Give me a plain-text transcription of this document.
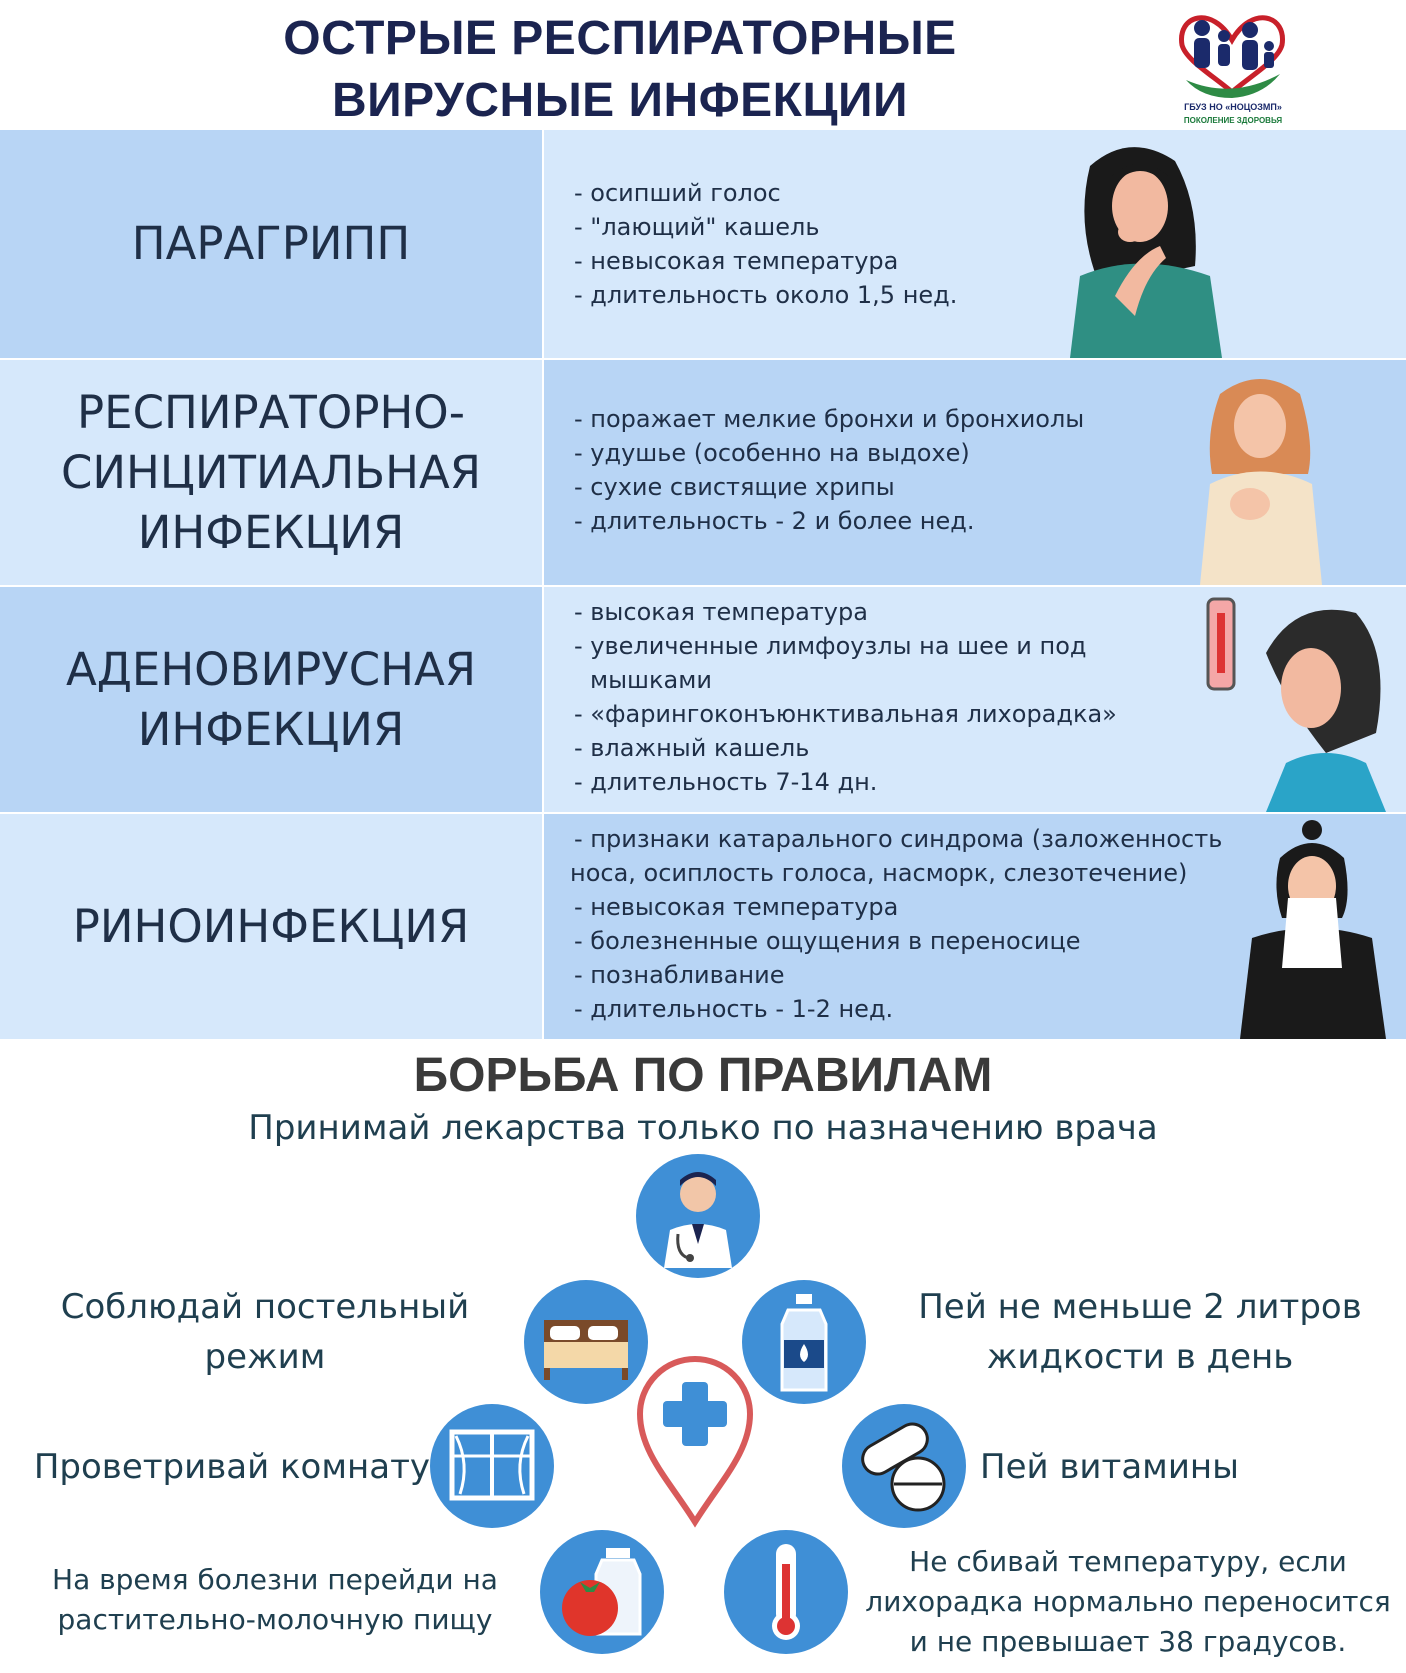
ОСТРЫЕ РЕСПИРАТОРНЫЕ
ВИРУСНЫЕ ИНФЕКЦИИ	ГБУЗ НО «НОЦОЗМП»
ПОКОЛЕНИЕ ЗДОРОВЬЯ
ПАРАГРИПП
- осипший голос
- "лающий" кашель
- невысокая температура
- длительность около 1,5 нед.
РЕСПИРАТОРНО-
СИНЦИТИАЛЬНАЯ
ИНФЕКЦИЯ
- поражает мелкие бронхи и бронхиолы
- удушье (особенно на выдохе)
- сухие свистящие хрипы
- длительность - 2 и более нед.
АДЕНОВИРУСНАЯ
ИНФЕКЦИЯ
- высокая температура
- увеличенные лимфоузлы на шее и под
мышками
- «фарингоконъюнктивальная лихорадка»
- влажный кашель
- длительность 7-14 дн.
РИНОИНФЕКЦИЯ
- признаки катарального синдрома (заложенность
носа, осиплость голоса, насморк, слезотечение)
- невысокая температура
- болезненные ощущения в переносице
- познабливание
- длительность - 1-2 нед.
БОРЬБА ПО ПРАВИЛАМ
Принимай лекарства только по назначению врача
Соблюдай постельный
режим
Пей не меньше 2 литров
жидкости в день
Проветривай комнату	Пей витамины
На время болезни перейди на
растительно-молочную пищу
Не сбивай температуру, если
лихорадка нормально переносится
и не превышает 38 градусов.
